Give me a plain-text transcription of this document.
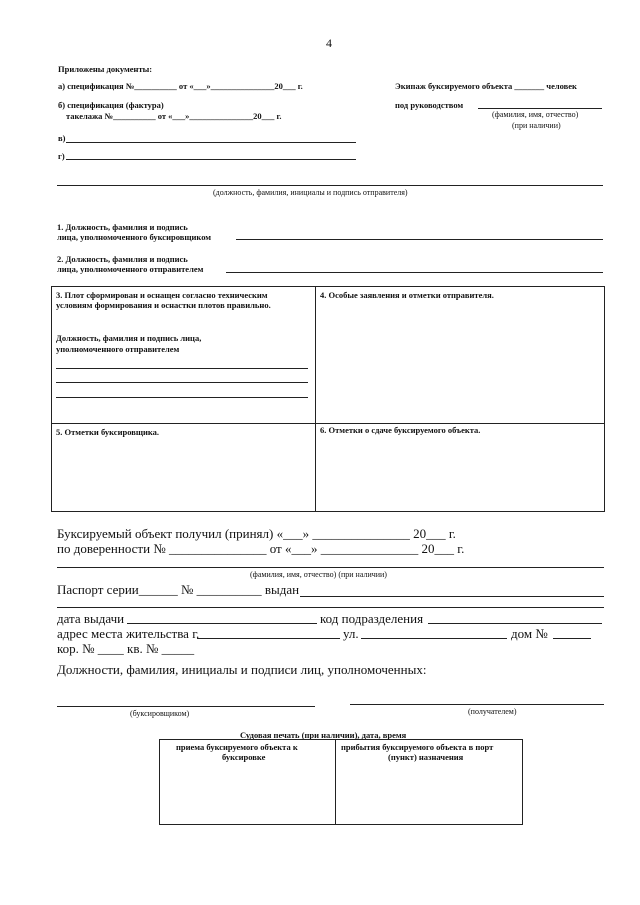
4
Приложены документы:
а) спецификация №__________ от «___»_______________20___ г.
б) спецификация (фактура)
такелажа №__________ от «___»_______________20___ г.
в)
г)
Экипаж буксируемого объекта _______ человек
под руководством
(фамилия, имя, отчество)
(при наличии)
(должность, фамилия, инициалы и подпись отправителя)
1. Должность, фамилия и подпись
лица, уполномоченного буксировщиком
2. Должность, фамилия и подпись
лица, уполномоченного отправителем
3. Плот сформирован и оснащен согласно техническим
условиям формирования и оснастки плотов правильно.
Должность, фамилия и подпись лица,
уполномоченного отправителем
4. Особые заявления и отметки отправителя.
5. Отметки буксировщика.	6. Отметки о сдаче буксируемого объекта.
Буксируемый объект получил (принял) «___» _______________ 20___ г.
по доверенности № _______________ от «___» _______________ 20___ г.
(фамилия, имя, отчество) (при наличии)
Паспорт серии______ № __________ выдан
дата выдачи	код подразделения
адрес места жительства г.	ул.	дом №
кор. № ____ кв. № _____
Должности, фамилия, инициалы и подписи лиц, уполномоченных:
(буксировщиком)	(получателем)
Судовая печать (при наличии), дата, время
приема буксируемого объекта к
буксировке
прибытия буксируемого объекта в порт
(пункт) назначения
